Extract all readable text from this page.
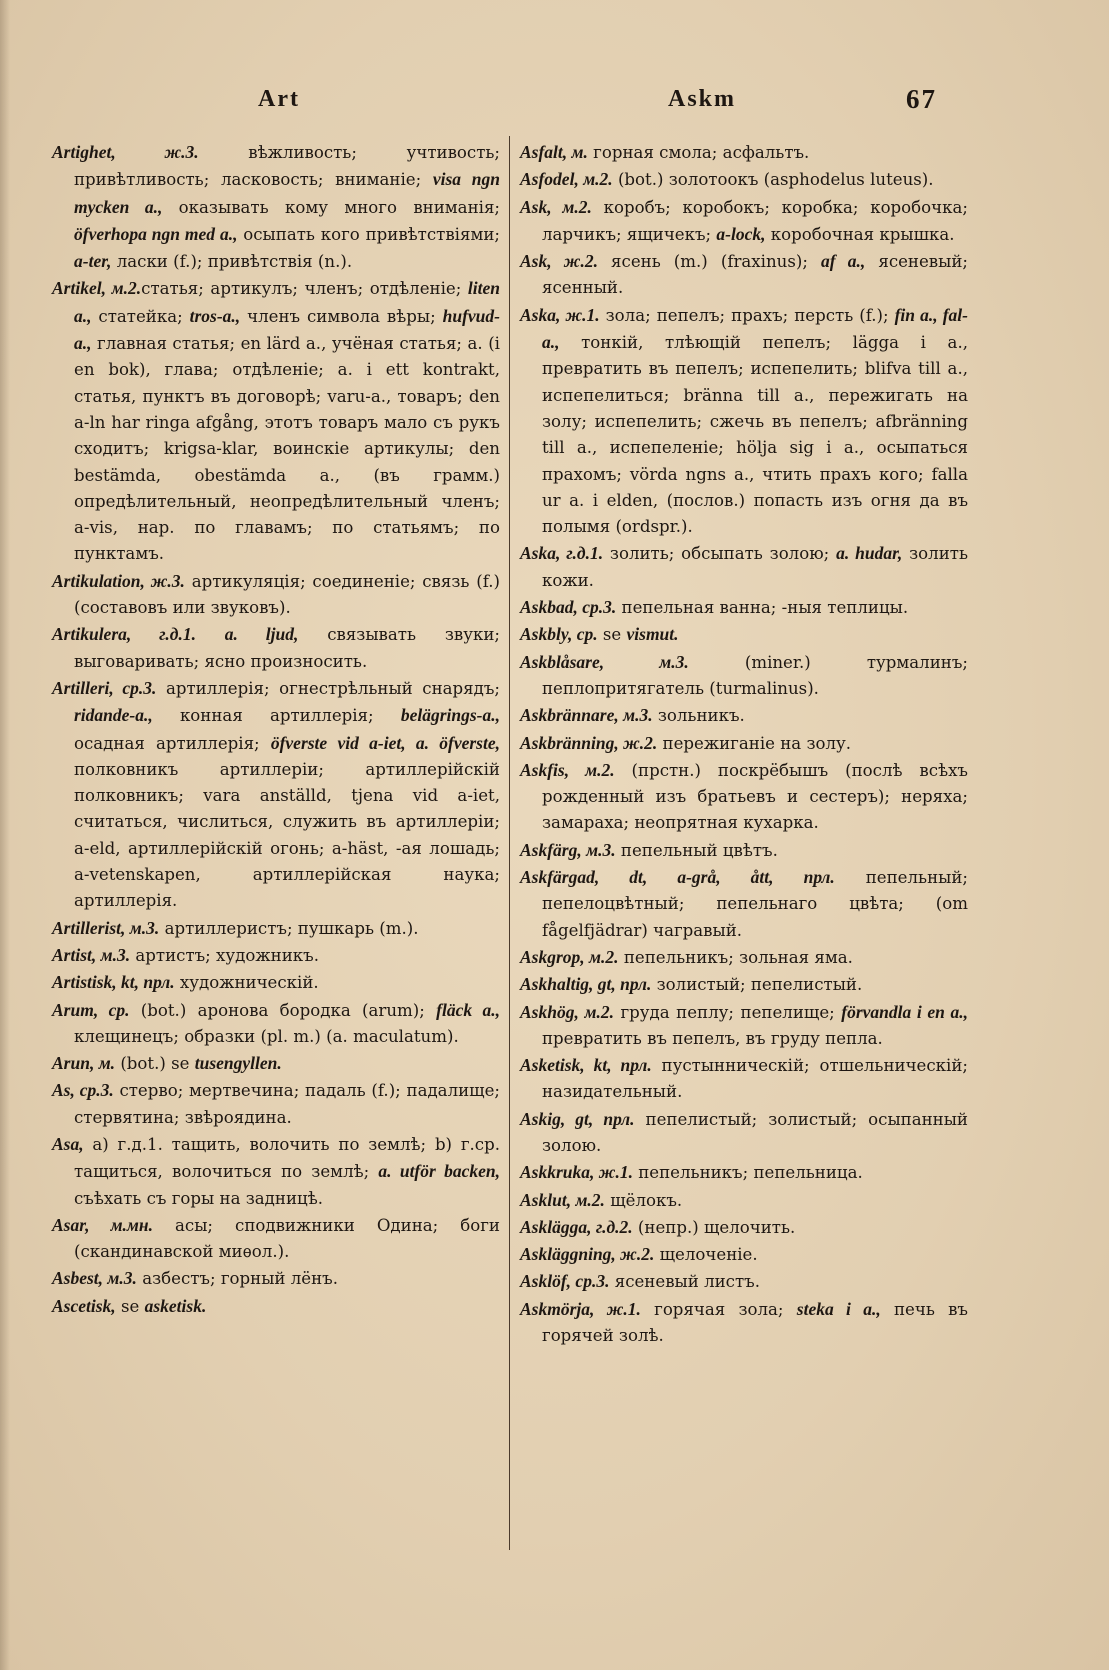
Art	Askm	67

Artighet, ж.3. вѣжливость; учтивость; привѣтливость; ласковость; вниманіе; visa ngn mycken a., оказывать кому много вниманія; öfverhopa ngn med a., осыпать кого привѣтствіями; a-ter, ласки (f.); привѣтствія (n.).

Artikel, м.2.статья; артикулъ; членъ; отдѣленіе; liten a., статейка; tros-a., членъ символа вѣры; hufvud-a., главная статья; en lärd a., учёная статья; a. (i en bok), глава; отдѣленіе; a. i ett kontrakt, статья, пунктъ въ договорѣ; varu-a., товаръ; den a-ln har ringa afgång, этотъ товаръ мало съ рукъ сходитъ; krigsa-klar, воинскіе артикулы; den bestämda, obestämda a., (въ грамм.) опредѣлительный, неопредѣлительный членъ; a-vis, нар. по главамъ; по статьямъ; по пунктамъ.

Artikulation, ж.3. артикуляція; соединеніе; связь (f.) (составовъ или звуковъ).

Artikulera, г.д.1. a. ljud, связывать звуки; выговаривать; ясно произносить.

Artilleri, ср.3. артиллерія; огнестрѣльный снарядъ; ridande-a., конная артиллерія; belägrings-a., осадная артиллерія; öfverste vid a-iet, a. öfverste, полковникъ артиллеріи; артиллерійскій полковникъ; vara anställd, tjena vid a-iet, считаться, числиться, служить въ артиллеріи; a-eld, артиллерійскій огонь; a-häst, -ая лошадь; a-vetenskapen, артиллерійская наука; артиллерія.

Artillerist, м.3. артиллеристъ; пушкарь (m.).

Artist, м.3. артистъ; художникъ.

Artistisk, kt, прл. художническій.

Arum, ср. (bot.) аронова бородка (arum); fläck a., клещинецъ; образки (pl. m.) (a. maculatum).

Arun, м. (bot.) se tusengyllen.

As, ср.3. стерво; мертвечина; падаль (f.); падалище; стервятина; звѣроядина.

Asa, a) г.д.1. тащить, волочить по землѣ; b) г.ср. тащиться, волочиться по землѣ; a. utför backen, съѣхать съ горы на задницѣ.

Asar, м.мн. асы; сподвижники Одина; боги (скандинавской миѳол.).

Asbest, м.3. азбестъ; горный лёнъ.

Ascetisk, se asketisk.

Asfalt, м. горная смола; асфальтъ.

Asfodel, м.2. (bot.) золотоокъ (asphodelus luteus).

Ask, м.2. коробъ; коробокъ; коробка; коробочка; ларчикъ; ящичекъ; a-lock, коробочная крышка.

Ask, ж.2. ясень (m.) (fraxinus); af a., ясеневый; ясенный.

Aska, ж.1. зола; пепелъ; прахъ; персть (f.); fin a., fal-a., тонкій, тлѣющій пепелъ; lägga i a., превратить въ пепелъ; испепелить; blifva till a., испепелиться; bränna till a., пережигать на золу; испепелить; сжечь въ пепелъ; afbränning till a., испепеленіе; hölja sig i a., осыпаться прахомъ; vörda ngns a., чтить прахъ кого; falla ur a. i elden, (послов.) попасть изъ огня да въ полымя (ordspr.).

Aska, г.д.1. золить; обсыпать золою; a. hudar, золить кожи.

Askbad, ср.3. пепельная ванна; -ныя теплицы.

Askbly, ср. se vismut.

Askblåsare, м.3. (miner.) турмалинъ; пеплопритягатель (turmalinus).

Askbrännare, м.3. зольникъ.

Askbränning, ж.2. пережиганіе на золу.

Askfis, м.2. (прстн.) поскрёбышъ (послѣ всѣхъ рожденный изъ братьевъ и сестеръ); неряха; замараха; неопрятная кухарка.

Askfärg, м.3. пепельный цвѣтъ.

Askfärgad, dt, a-grå, ått, прл. пепельный; пепелоцвѣтный; пепельнаго цвѣта; (om fågelfjädrar) чагравый.

Askgrop, м.2. пепельникъ; зольная яма.

Askhaltig, gt, прл. золистый; пепелистый.

Askhög, м.2. груда пеплу; пепелище; förvandla i en a., превратить въ пепелъ, въ груду пепла.

Asketisk, kt, прл. пустынническій; отшельническій; назидательный.

Askig, gt, прл. пепелистый; золистый; осыпанный золою.

Askkruka, ж.1. пепельникъ; пепельница.

Asklut, м.2. щёлокъ.

Asklägga, г.д.2. (непр.) щелочить.

Askläggning, ж.2. щелоченіе.

Asklöf, ср.3. ясеневый листъ.

Askmörja, ж.1. горячая зола; steka i a., печь въ горячей золѣ.
